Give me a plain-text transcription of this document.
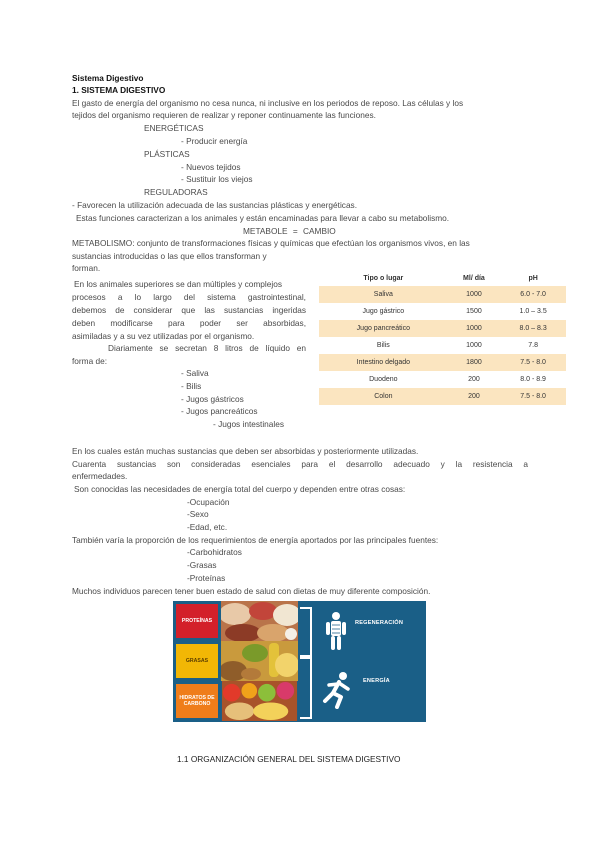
Sistema Digestivo
1. SISTEMA DIGESTIVO
El gasto de energía del organismo no cesa nunca, ni inclusive en los periodos de reposo. Las células y los
tejidos del organismo requieren de realizar y reponer continuamente las funciones.
ENERGÉTICAS
- Producir energía
PLÁSTICAS
- Nuevos tejidos
- Sustituir los viejos
REGULADORAS
- Favorecen la utilización adecuada de las sustancias plásticas y energéticas.
Estas funciones caracterizan a los animales y están encaminadas para llevar a cabo su metabolismo.
METABOLE = CAMBIO
METABOLISMO: conjunto de transformaciones físicas y químicas que efectúan los organismos vivos, en las
sustancias introducidas o las que ellos transforman y
forman.
En los animales superiores se dan múltiples y complejos
procesos a lo largo del sistema gastrointestinal,
debemos de considerar que las sustancias ingeridas
deben modificarse para poder ser absorbidas,
asimiladas y a su vez utilizadas por el organismo.
Diariamente se secretan 8 litros de líquido en
forma de:
- Saliva
- Bilis
- Jugos gástricos
- Jugos pancreáticos
- Jugos intestinales
Tipo o lugar	Ml/ día	pH
Saliva	1000	6.0 - 7.0
Jugo gástrico	1500	1.0 – 3.5
Jugo pancreático	1000	8.0 – 8.3
Bilis	1000	7.8
Intestino delgado	1800	7.5 - 8.0
Duodeno	200	8.0 - 8.9
Colon	200	7.5 - 8.0
En los cuales están muchas sustancias que deben ser absorbidas y posteriormente utilizadas.
Cuarenta sustancias son consideradas esenciales para el desarrollo adecuado y la resistencia a
enfermedades.
Son conocidas las necesidades de energía total del cuerpo y dependen entre otras cosas:
-Ocupación
-Sexo
-Edad, etc.
También varía la proporción de los requerimientos de energía aportados por las principales fuentes:
-Carbohidratos
-Grasas
-Proteínas
Muchos individuos parecen tener buen estado de salud con dietas de muy diferente composición.
PROTEÍNAS
GRASAS
HIDRATOS DE CARBONO
REGENERACIÓN
ENERGÍA
1.1 ORGANIZACIÓN GENERAL DEL SISTEMA DIGESTIVO
